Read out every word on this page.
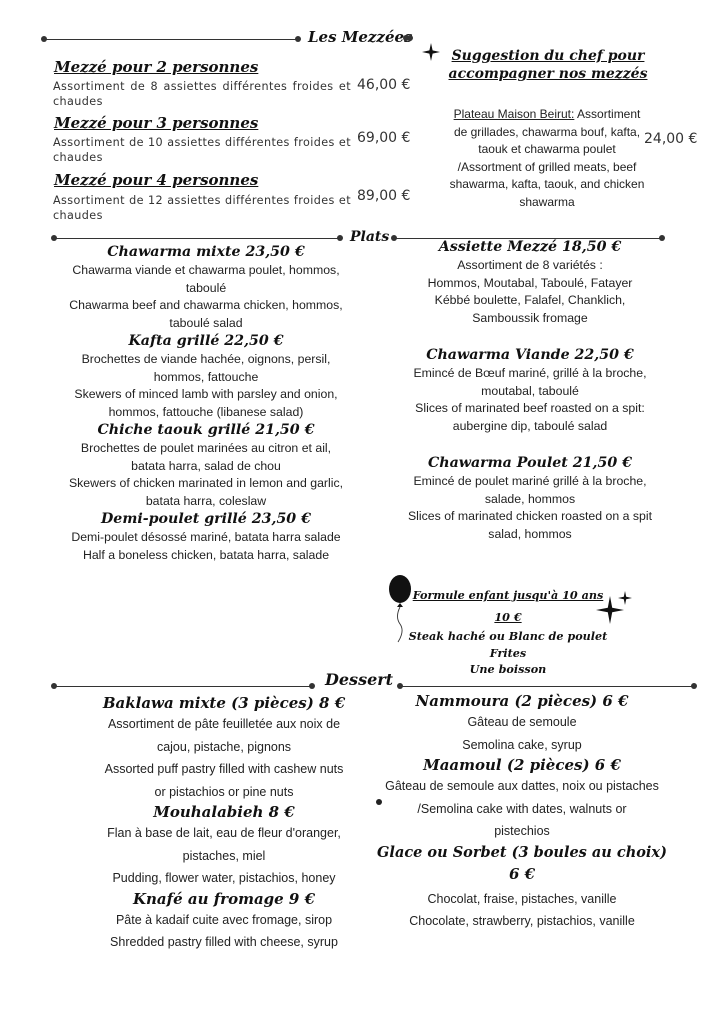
Les Mezzées
Mezzé pour 2 personnes
Assortiment de 8 assiettes différentes froides et chaudes
46,00 €
Mezzé pour 3 personnes
Assortiment de 10 assiettes différentes froides et chaudes
69,00 €
Mezzé pour 4 personnes
Assortiment de 12 assiettes différentes froides et chaudes
89,00 €
Suggestion du chef pour accompagner nos mezzés
Plateau Maison Beirut: Assortiment
de grillades, chawarma bouf, kafta,
taouk et chawarma poulet
/Assortment of grilled meats, beef
shawarma, kafta, taouk, and chicken
shawarma
24,00 €
Plats
Chawarma mixte 23,50 €
Chawarma viande et chawarma poulet, hommos,
taboulé
Chawarma beef and chawarma chicken, hommos,
taboulé salad
Kafta grillé 22,50 €
Brochettes de viande hachée, oignons, persil,
hommos, fattouche
Skewers of minced lamb with parsley and onion,
hommos, fattouche (libanese salad)
Chiche taouk grillé 21,50 €
Brochettes de poulet marinées au citron et ail,
batata harra, salad de chou
Skewers of chicken marinated in lemon and garlic,
batata harra, coleslaw
Demi-poulet grillé 23,50 €
Demi-poulet désossé mariné, batata harra salade
Half a boneless chicken, batata harra, salade
Assiette Mezzé 18,50 €
Assortiment de 8 variétés :
Hommos, Moutabal, Taboulé, Fatayer
Kébbé boulette, Falafel, Chanklich,
Samboussik fromage
Chawarma Viande 22,50 €
Emincé de Bœuf mariné, grillé à la broche,
moutabal, taboulé
Slices of marinated beef roasted on a spit:
aubergine dip, taboulé salad
Chawarma Poulet 21,50 €
Emincé de poulet mariné grillé à la broche,
salade, hommos
Slices of marinated chicken roasted on a spit
salad, hommos
Formule enfant jusqu'à 10 ans
10 €
Steak haché ou Blanc de poulet
Frites
Une boisson
Dessert
Baklawa mixte (3 pièces) 8 €
Assortiment de pâte feuilletée aux noix de
cajou, pistache, pignons
Assorted puff pastry filled with cashew nuts
or pistachios or pine nuts
Mouhalabieh 8 €
Flan à base de lait, eau de fleur d'oranger,
pistaches, miel
Pudding, flower water, pistachios, honey
Knafé au fromage 9 €
Pâte à kadaif cuite avec fromage, sirop
Shredded pastry filled with cheese, syrup
Nammoura (2 pièces) 6 €
Gâteau de semoule
Semolina cake, syrup
Maamoul (2 pièces) 6 €
Gâteau de semoule aux dattes, noix ou pistaches
/Semolina cake with dates, walnuts or
pistechios
Glace ou Sorbet (3 boules au choix)
6 €
Chocolat, fraise, pistaches, vanille
Chocolate, strawberry, pistachios, vanille
